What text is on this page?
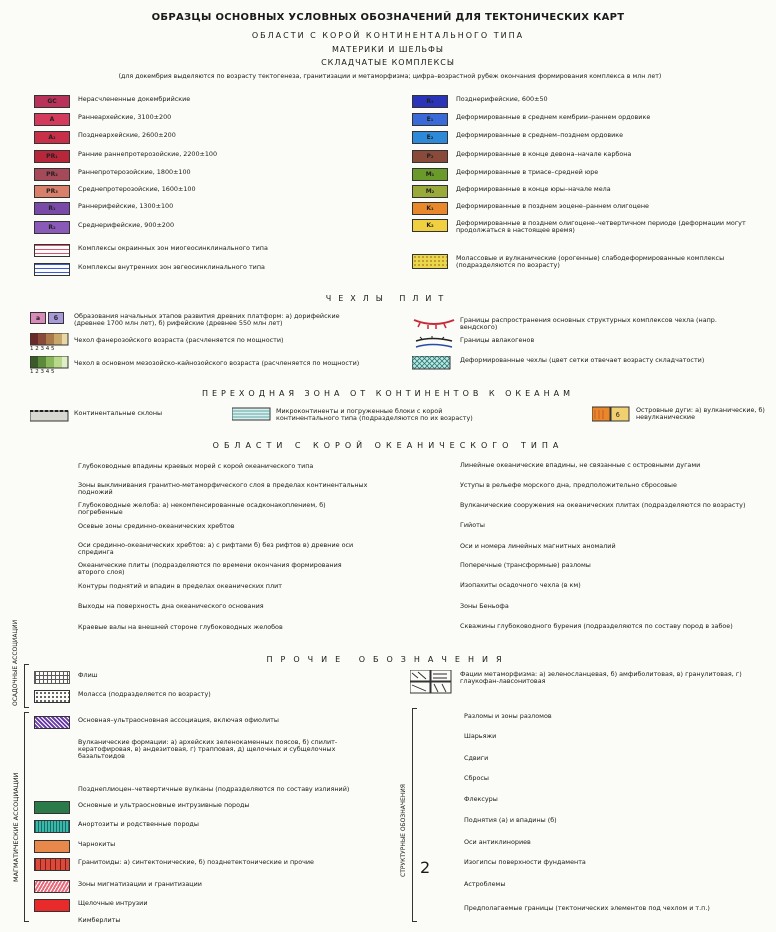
ОБРАЗЦЫ ОСНОВНЫХ УСЛОВНЫХ ОБОЗНАЧЕНИЙ ДЛЯ ТЕКТОНИЧЕСКИХ КАРТ
ОБЛАСТИ С КОРОЙ КОНТИНЕНТАЛЬНОГО ТИПА
МАТЕРИКИ И ШЕЛЬФЫ
СКЛАДЧАТЫЕ КОМПЛЕКСЫ
(для докембрия выделяются по возрасту тектогенеза, гранитизации и метаморфизма; цифра–возрастной рубеж окончания формирования комплекса в млн лет)
GC	Нерасчлененные докембрийские
A	Раннеархейские, 3100±200
A₂	Позднеархейские, 2600±200
PR₁	Ранние раннепротерозойские, 2200±100
PR₂	Раннепротерозойские, 1800±100
PR₃	Среднепротерозойские, 1600±100
R₁	Раннерифейские, 1300±100
R₂	Среднерифейские, 900±200
Комплексы окраинных зон миогеосинклинального типа
Комплексы внутренних зон эвгеосинклинального типа
R₃	Позднерифейские, 600±50
E₁	Деформированные в среднем кембрии–раннем ордовике
E₂	Деформированные в среднем–позднем ордовике
P₂	Деформированные в конце девона–начале карбона
M₁	Деформированные в триасе–средней юре
M₂	Деформированные в конце юры–начале мела
K₁	Деформированные в позднем эоцене–раннем олигоцене
K₂	Деформированные в позднем олигоцене–четвертичном периоде (деформации могут продолжаться в настоящее время)
Молассовые и вулканические (орогенные) слабодеформированные комплексы (подразделяются по возрасту)
ЧЕХЛЫ ПЛИТ
а	б	Образования начальных этапов развития древних платформ: а) дорифейские (древнее 1700 млн лет), б) рифейские (древнее 550 млн лет)
1 2 3 4 5
Чехол фанерозойского возраста (расчленяется по мощности)
1 2 3 4 5
Чехол в основном мезозойско-кайнозойского возраста (расчленяется по мощности)
Границы распространения основных структурных комплексов чехла (напр. вендского)
Границы авлакогенов
Деформированные чехлы (цвет сетки отвечает возрасту складчатости)
ПЕРЕХОДНАЯ ЗОНА ОТ КОНТИНЕНТОВ К ОКЕАНАМ
Континентальные склоны	Микроконтиненты и погруженные блоки с корой континентального типа (подразделяются по их возрасту)	б
Островные дуги: а) вулканические, б) невулканические
ОБЛАСТИ С КОРОЙ ОКЕАНИЧЕСКОГО ТИПА
Глубоководные впадины краевых морей с корой океанического типа
Зоны выклинивания гранитно-метаморфического слоя в пределах континентальных подножий
Глубоководные желоба: а) некомпенсированные осадконакоплением, б) погребенные
Осевые зоны срединно-океанических хребтов
Оси срединно-океанических хребтов: а) с рифтами б) без рифтов в) древние оси спрединга
Океанические плиты (подразделяются по времени окончания формирования второго слоя)
Контуры поднятий и впадин в пределах океанических плит
Выходы на поверхность дна океанического основания
Краевые валы на внешней стороне глубоководных желобов
Линейные океанические впадины, не связанные с островными дугами
Уступы в рельефе морского дна, предположительно сбросовые
Вулканические сооружения на океанических плитах (подразделяются по возрасту)
Гийоты
Оси и номера линейных магнитных аномалий
Поперечные (трансформные) разломы
Изопахиты осадочного чехла (в км)
Зоны Беньофа
Скважины глубоководного бурения (подразделяются по составу пород в забое)
ПРОЧИЕ ОБОЗНАЧЕНИЯ
ОСАДОЧНЫЕ АССОЦИАЦИИ
МАГМАТИЧЕСКИЕ АССОЦИАЦИИ
Флиш
Моласса (подразделяется по возрасту)
Основная–ультраосновная ассоциация, включая офиолиты
Вулканические формации: а) архейских зеленокаменных поясов, б) спилит-кератофировая, в) андезитовая, г) трапповая, д) щелочных и субщелочных базальтоидов
Позднеплиоцен–четвертичные вулканы (подразделяются по составу излияний)
Основные и ультраосновные интрузивные породы
Анортозиты и родственные породы
Чарнокиты
Гранитоиды: а) синтектонические, б) позднетектонические и прочие
Зоны мигматизации и гранитизации
Щелочные интрузии
Кимберлиты
Фации метаморфизма: а) зеленосланцевая, б) амфиболитовая, в) гранулитовая, г) глаукофан-лавсонитовая
СТРУКТУРНЫЕ ОБОЗНАЧЕНИЯ
Разломы и зоны разломов
Шарьяжи
Сдвиги
Сбросы
Флексуры
Поднятия (а) и впадины (б)
Оси антиклинориев
2	Изогипсы поверхности фундамента
Астроблемы
Предполагаемые границы (тектонических элементов под чехлом и т.п.)
